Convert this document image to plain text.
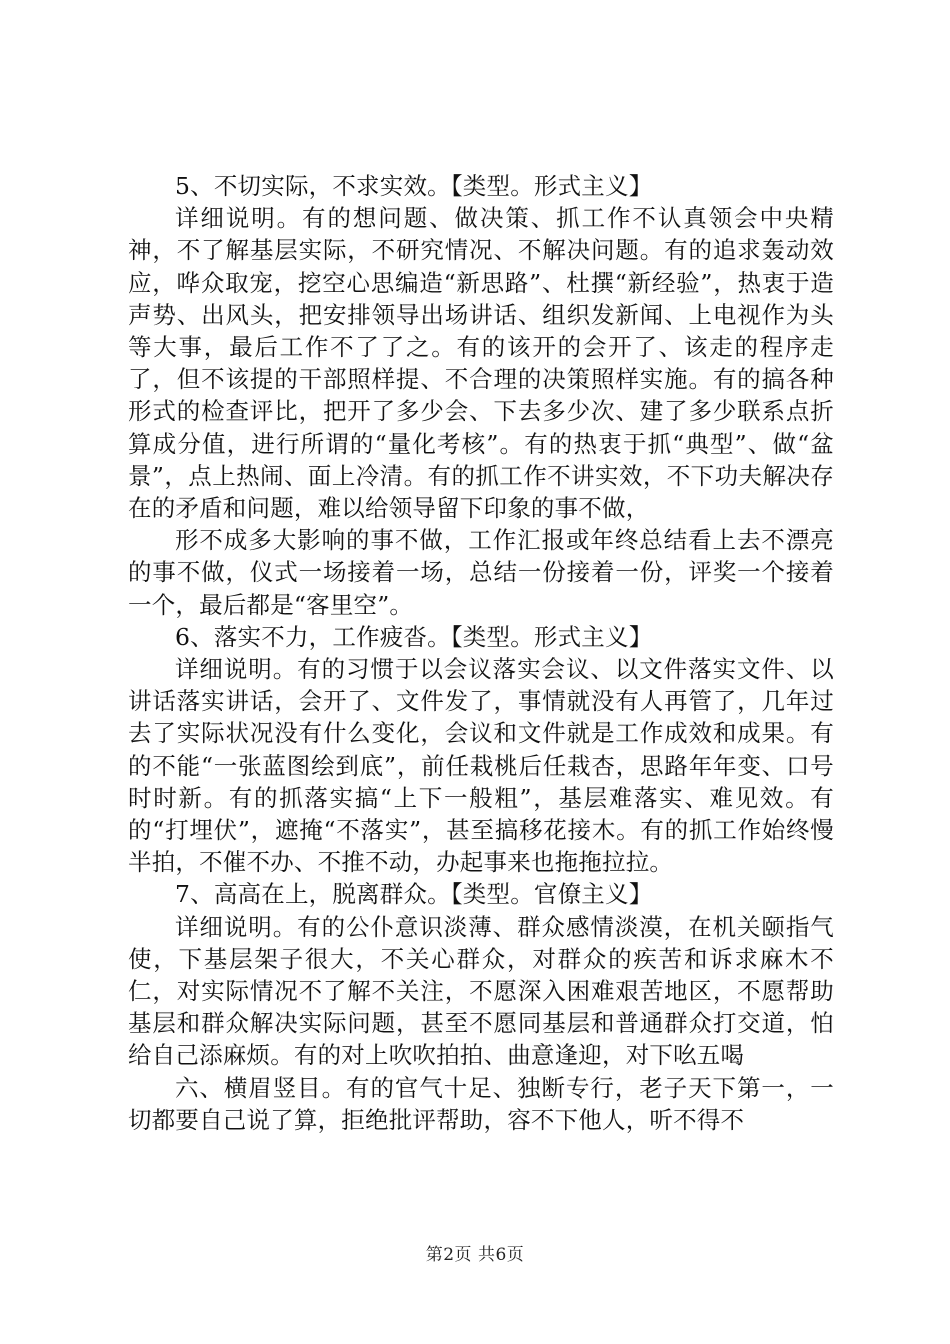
5、不切实际，不求实效。【类型。形式主义】

详细说明。有的想问题、做决策、抓工作不认真领会中央精神，不了解基层实际，不研究情况、不解决问题。有的追求轰动效应，哗众取宠，挖空心思编造“新思路”、杜撰“新经验”，热衷于造声势、出风头，把安排领导出场讲话、组织发新闻、上电视作为头等大事，最后工作不了了之。有的该开的会开了、该走的程序走了，但不该提的干部照样提、不合理的决策照样实施。有的搞各种形式的检查评比，把开了多少会、下去多少次、建了多少联系点折算成分值，进行所谓的“量化考核”。有的热衷于抓“典型”、做“盆景”，点上热闹、面上冷清。有的抓工作不讲实效，不下功夫解决存在的矛盾和问题，难以给领导留下印象的事不做，

形不成多大影响的事不做，工作汇报或年终总结看上去不漂亮的事不做，仪式一场接着一场，总结一份接着一份，评奖一个接着一个，最后都是“客里空”。

6、落实不力，工作疲沓。【类型。形式主义】

详细说明。有的习惯于以会议落实会议、以文件落实文件、以讲话落实讲话，会开了、文件发了，事情就没有人再管了，几年过去了实际状况没有什么变化，会议和文件就是工作成效和成果。有的不能“一张蓝图绘到底”，前任栽桃后任栽杏，思路年年变、口号时时新。有的抓落实搞“上下一般粗”，基层难落实、难见效。有的“打埋伏”，遮掩“不落实”，甚至搞移花接木。有的抓工作始终慢半拍，不催不办、不推不动，办起事来也拖拖拉拉。

7、高高在上，脱离群众。【类型。官僚主义】

详细说明。有的公仆意识淡薄、群众感情淡漠，在机关颐指气使，下基层架子很大，不关心群众，对群众的疾苦和诉求麻木不仁，对实际情况不了解不关注，不愿深入困难艰苦地区，不愿帮助基层和群众解决实际问题，甚至不愿同基层和普通群众打交道，怕给自己添麻烦。有的对上吹吹拍拍、曲意逢迎，对下吆五喝

六、横眉竖目。有的官气十足、独断专行，老子天下第一，一切都要自己说了算，拒绝批评帮助，容不下他人，听不得不

第2页 共6页
